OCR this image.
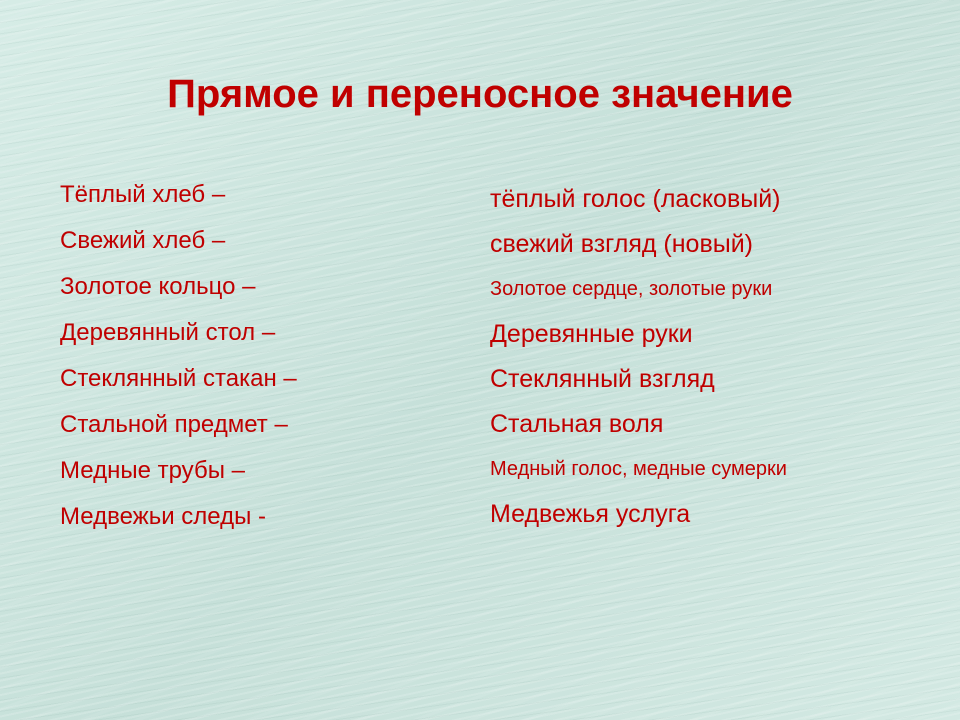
Прямое и переносное значение
Тёплый хлеб –
Свежий хлеб –
Золотое кольцо –
Деревянный стол –
Стеклянный стакан –
Стальной предмет –
Медные трубы –
Медвежьи следы -
тёплый голос (ласковый)
свежий взгляд (новый)
Золотое сердце, золотые руки
Деревянные руки
Стеклянный взгляд
Стальная воля
Медный голос, медные сумерки
Медвежья услуга
